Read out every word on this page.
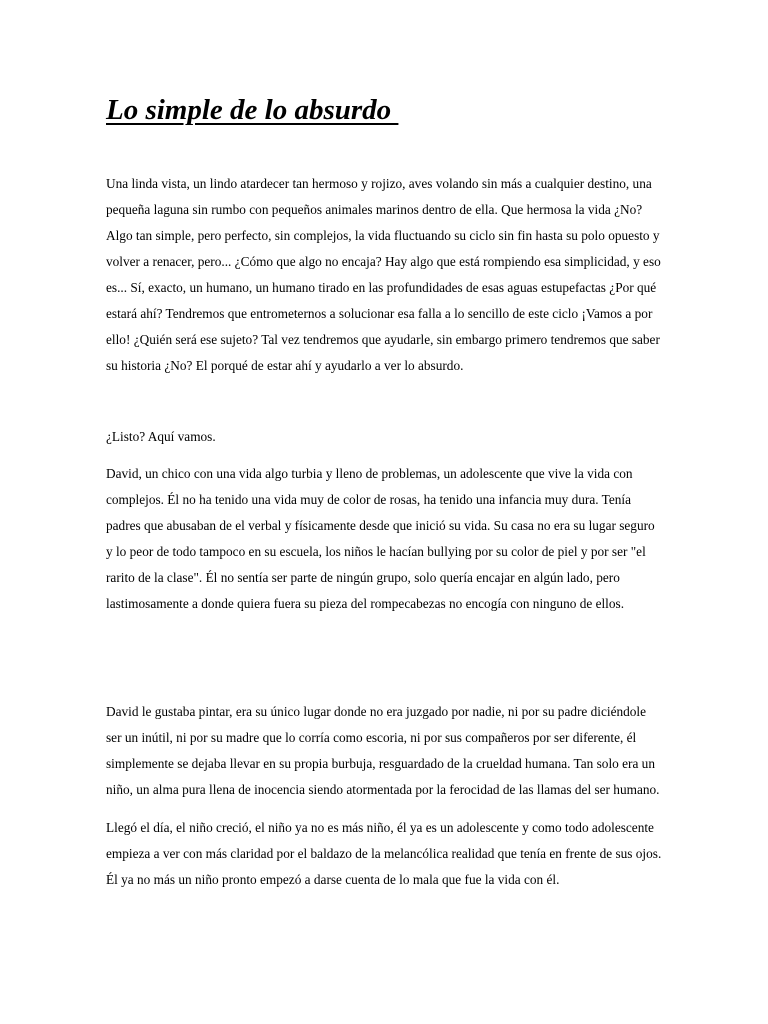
Lo simple de lo absurdo

Una linda vista, un lindo atardecer tan hermoso y rojizo, aves volando sin más a cualquier destino, una
pequeña laguna sin rumbo con pequeños animales marinos dentro de ella. Que hermosa la vida ¿No?
Algo tan simple, pero perfecto, sin complejos, la vida fluctuando su ciclo sin fin hasta su polo opuesto y
volver a renacer, pero... ¿Cómo que algo no encaja? Hay algo que está rompiendo esa simplicidad, y eso
es... Sí, exacto, un humano, un humano tirado en las profundidades de esas aguas estupefactas ¿Por qué
estará ahí? Tendremos que entrometernos a solucionar esa falla a lo sencillo de este ciclo ¡Vamos a por
ello! ¿Quién será ese sujeto? Tal vez tendremos que ayudarle, sin embargo primero tendremos que saber
su historia ¿No? El porqué de estar ahí y ayudarlo a ver lo absurdo.

¿Listo? Aquí vamos.

David, un chico con una vida algo turbia y lleno de problemas, un adolescente que vive la vida con
complejos. Él no ha tenido una vida muy de color de rosas, ha tenido una infancia muy dura. Tenía
padres que abusaban de el verbal y físicamente desde que inició su vida. Su casa no era su lugar seguro
y lo peor de todo tampoco en su escuela, los niños le hacían bullying por su color de piel y por ser "el
rarito de la clase". Él no sentía ser parte de ningún grupo, solo quería encajar en algún lado, pero
lastimosamente a donde quiera fuera su pieza del rompecabezas no encogía con ninguno de ellos.

David le gustaba pintar, era su único lugar donde no era juzgado por nadie, ni por su padre diciéndole
ser un inútil, ni por su madre que lo corría como escoria, ni por sus compañeros por ser diferente, él
simplemente se dejaba llevar en su propia burbuja, resguardado de la crueldad humana. Tan solo era un
niño, un alma pura llena de inocencia siendo atormentada por la ferocidad de las llamas del ser humano.

Llegó el día, el niño creció, el niño ya no es más niño, él ya es un adolescente y como todo adolescente
empieza a ver con más claridad por el baldazo de la melancólica realidad que tenía en frente de sus ojos.
Él ya no más un niño pronto empezó a darse cuenta de lo mala que fue la vida con él.
